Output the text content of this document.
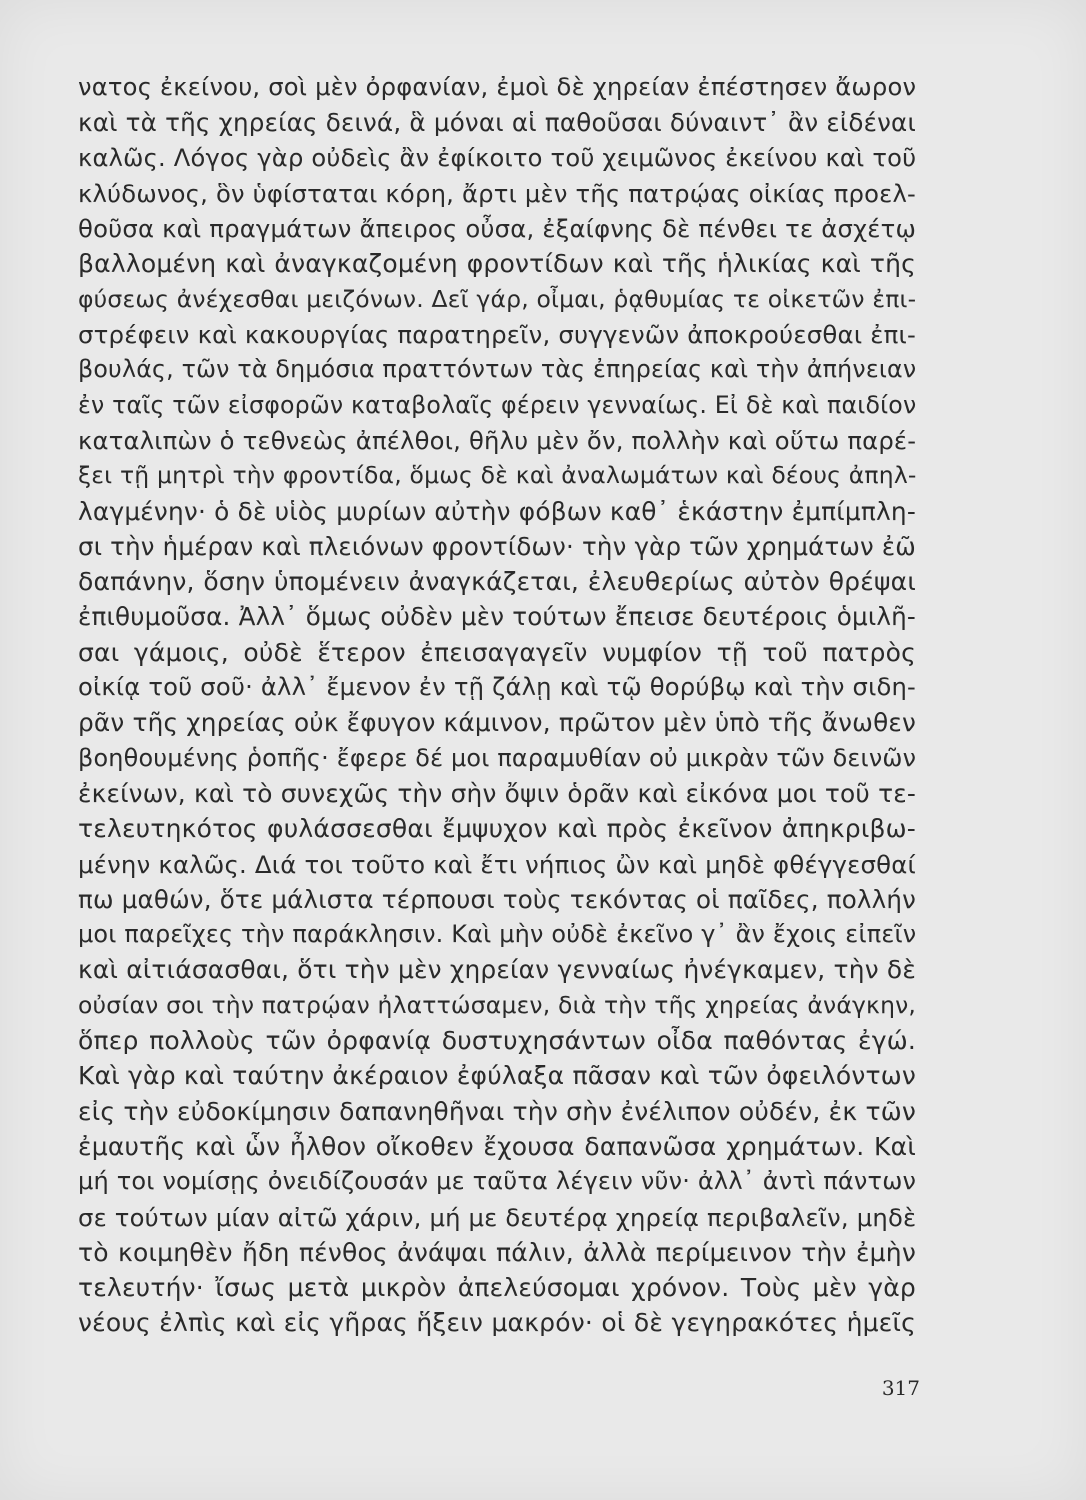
νατος ἐκείνου, σοὶ μὲν ὀρφανίαν, ἐμοὶ δὲ χηρείαν ἐπέστησεν ἄωρον
καὶ τὰ τῆς χηρείας δεινά, ἃ μόναι αἱ παθοῦσαι δύναιντ᾽ ἂν εἰδέναι
καλῶς. Λόγος γὰρ οὐδεὶς ἂν ἐφίκοιτο τοῦ χειμῶνος ἐκείνου καὶ τοῦ
κλύδωνος, ὃν ὑφίσταται κόρη, ἄρτι μὲν τῆς πατρῴας οἰκίας προελ-
θοῦσα καὶ πραγμάτων ἄπειρος οὖσα, ἐξαίφνης δὲ πένθει τε ἀσχέτῳ
βαλλομένη καὶ ἀναγκαζομένη φροντίδων καὶ τῆς ἡλικίας καὶ τῆς
φύσεως ἀνέχεσθαι μειζόνων. Δεῖ γάρ, οἶμαι, ῥᾳθυμίας τε οἰκετῶν ἐπι-
στρέφειν καὶ κακουργίας παρατηρεῖν, συγγενῶν ἀποκρούεσθαι ἐπι-
βουλάς, τῶν τὰ δημόσια πραττόντων τὰς ἐπηρείας καὶ τὴν ἀπήνειαν
ἐν ταῖς τῶν εἰσφορῶν καταβολαῖς φέρειν γενναίως. Εἰ δὲ καὶ παιδίον
καταλιπὼν ὁ τεθνεὼς ἀπέλθοι, θῆλυ μὲν ὄν, πολλὴν καὶ οὕτω παρέ-
ξει τῇ μητρὶ τὴν φροντίδα, ὅμως δὲ καὶ ἀναλωμάτων καὶ δέους ἀπηλ-
λαγμένην· ὁ δὲ υἱὸς μυρίων αὐτὴν φόβων καθ᾽ ἑκάστην ἐμπίμπλη-
σι τὴν ἡμέραν καὶ πλειόνων φροντίδων· τὴν γὰρ τῶν χρημάτων ἐῶ
δαπάνην, ὅσην ὑπομένειν ἀναγκάζεται, ἐλευθερίως αὐτὸν θρέψαι
ἐπιθυμοῦσα. Ἀλλ᾽ ὅμως οὐδὲν μὲν τούτων ἔπεισε δευτέροις ὁμιλῆ-
σαι γάμοις, οὐδὲ ἕτερον ἐπεισαγαγεῖν νυμφίον τῇ τοῦ πατρὸς
οἰκίᾳ τοῦ σοῦ· ἀλλ᾽ ἔμενον ἐν τῇ ζάλῃ καὶ τῷ θορύβῳ καὶ τὴν σιδη-
ρᾶν τῆς χηρείας οὐκ ἔφυγον κάμινον, πρῶτον μὲν ὑπὸ τῆς ἄνωθεν
βοηθουμένης ῥοπῆς· ἔφερε δέ μοι παραμυθίαν οὐ μικρὰν τῶν δεινῶν
ἐκείνων, καὶ τὸ συνεχῶς τὴν σὴν ὄψιν ὁρᾶν καὶ εἰκόνα μοι τοῦ τε-
τελευτηκότος φυλάσσεσθαι ἔμψυχον καὶ πρὸς ἐκεῖνον ἀπηκριβω-
μένην καλῶς. Διά τοι τοῦτο καὶ ἔτι νήπιος ὢν καὶ μηδὲ φθέγγεσθαί
πω μαθών, ὅτε μάλιστα τέρπουσι τοὺς τεκόντας οἱ παῖδες, πολλήν
μοι παρεῖχες τὴν παράκλησιν. Καὶ μὴν οὐδὲ ἐκεῖνο γ᾽ ἂν ἔχοις εἰπεῖν
καὶ αἰτιάσασθαι, ὅτι τὴν μὲν χηρείαν γενναίως ἠνέγκαμεν, τὴν δὲ
οὐσίαν σοι τὴν πατρῴαν ἠλαττώσαμεν, διὰ τὴν τῆς χηρείας ἀνάγκην,
ὅπερ πολλοὺς τῶν ὀρφανίᾳ δυστυχησάντων οἶδα παθόντας ἐγώ.
Καὶ γὰρ καὶ ταύτην ἀκέραιον ἐφύλαξα πᾶσαν καὶ τῶν ὀφειλόντων
εἰς τὴν εὐδοκίμησιν δαπανηθῆναι τὴν σὴν ἐνέλιπον οὐδέν, ἐκ τῶν
ἐμαυτῆς καὶ ὧν ἦλθον οἴκοθεν ἔχουσα δαπανῶσα χρημάτων. Καὶ
μή τοι νομίσῃς ὀνειδίζουσάν με ταῦτα λέγειν νῦν· ἀλλ᾽ ἀντὶ πάντων
σε τούτων μίαν αἰτῶ χάριν, μή με δευτέρᾳ χηρείᾳ περιβαλεῖν, μηδὲ
τὸ κοιμηθὲν ἤδη πένθος ἀνάψαι πάλιν, ἀλλὰ περίμεινον τὴν ἐμὴν
τελευτήν· ἴσως μετὰ μικρὸν ἀπελεύσομαι χρόνον. Τοὺς μὲν γὰρ
νέους ἐλπὶς καὶ εἰς γῆρας ἥξειν μακρόν· οἱ δὲ γεγηρακότες ἡμεῖς
317
